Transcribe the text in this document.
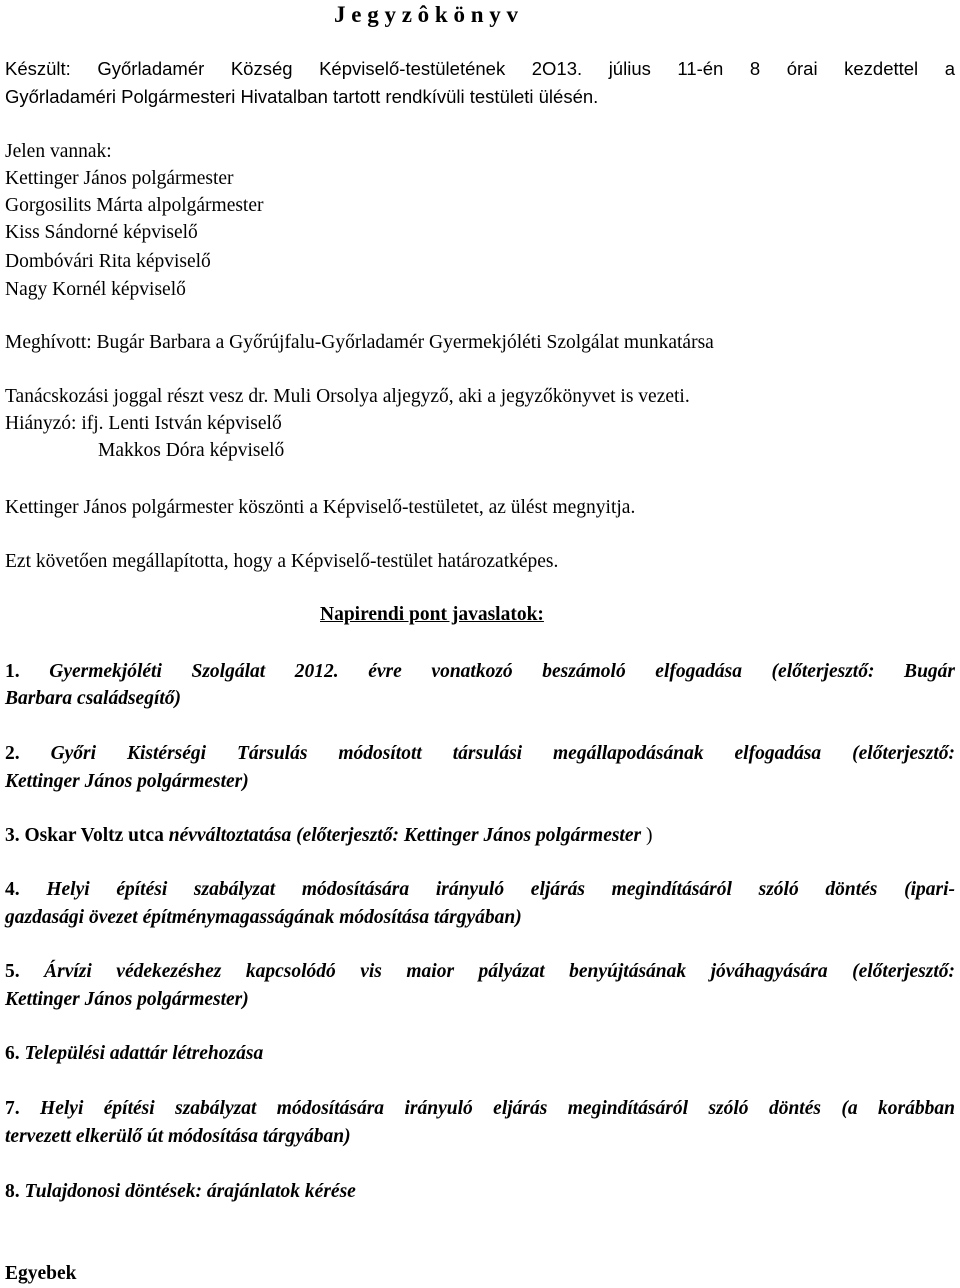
J e g y z ô k ö n y v
Készült: Győrladamér Község Képviselő-testületének 2O13. július 11-én 8 órai kezdettel a
Győrladaméri Polgármesteri Hivatalban tartott rendkívüli testületi ülésén.
Jelen vannak:
Kettinger János polgármester
Gorgosilits Márta alpolgármester
Kiss Sándorné képviselő
Dombóvári Rita képviselő
Nagy Kornél képviselő
Meghívott: Bugár Barbara a Győrújfalu-Győrladamér Gyermekjóléti Szolgálat munkatársa
Tanácskozási joggal részt vesz dr. Muli Orsolya aljegyző, aki a jegyzőkönyvet is vezeti.
Hiányzó: ifj. Lenti István képviselő
Makkos Dóra képviselő
Kettinger János polgármester köszönti a Képviselő-testületet, az ülést megnyitja.
Ezt követően megállapította, hogy a Képviselő-testület határozatképes.
Napirendi pont javaslatok:
1. Gyermekjóléti Szolgálat 2012. évre vonatkozó beszámoló elfogadása (előterjesztő: Bugár
Barbara családsegítő)
2. Győri Kistérségi Társulás módosított társulási megállapodásának elfogadása (előterjesztő:
Kettinger János polgármester)
3. Oskar Voltz utca névváltoztatása (előterjesztő: Kettinger János polgármester )
4. Helyi építési szabályzat módosítására irányuló eljárás megindításáról szóló döntés (ipari-
gazdasági övezet építménymagasságának módosítása tárgyában)
5. Árvízi védekezéshez kapcsolódó vis maior pályázat benyújtásának jóváhagyására (előterjesztő:
Kettinger János polgármester)
6. Települési adattár létrehozása
7. Helyi építési szabályzat módosítására irányuló eljárás megindításáról szóló döntés (a korábban
tervezett elkerülő út módosítása tárgyában)
8. Tulajdonosi döntések: árajánlatok kérése
Egyebek
